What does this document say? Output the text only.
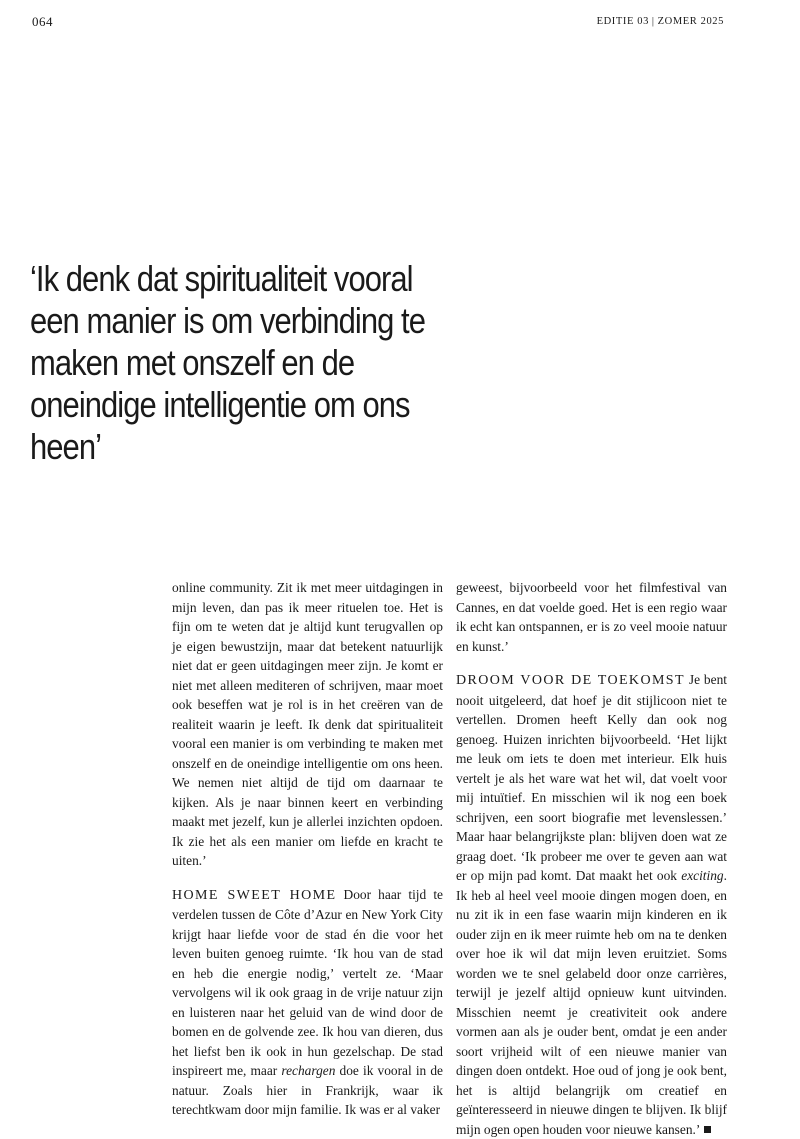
064	EDITIE 03 | ZOMER 2025
‘Ik denk dat spiritualiteit vooral een manier is om verbinding te maken met onszelf en de oneindige intelligentie om ons heen’

online community. Zit ik met meer uitdagingen in mijn leven, dan pas ik meer rituelen toe. Het is fijn om te weten dat je altijd kunt terugvallen op je eigen bewustzijn, maar dat betekent natuurlijk niet dat er geen uitdagingen meer zijn. Je komt er niet met alleen mediteren of schrijven, maar moet ook beseffen wat je rol is in het creëren van de realiteit waarin je leeft. Ik denk dat spiritualiteit vooral een manier is om verbinding te maken met onszelf en de oneindige intelligentie om ons heen. We nemen niet altijd de tijd om daarnaar te kijken. Als je naar binnen keert en verbinding maakt met jezelf, kun je allerlei inzichten opdoen. Ik zie het als een manier om liefde en kracht te uiten.’

HOME SWEET HOME Door haar tijd te verdelen tussen de Côte d’Azur en New York City krijgt haar liefde voor de stad én die voor het leven buiten genoeg ruimte. ‘Ik hou van de stad en heb die energie nodig,’ vertelt ze. ‘Maar vervolgens wil ik ook graag in de vrije natuur zijn en luisteren naar het geluid van de wind door de bomen en de golvende zee. Ik hou van dieren, dus het liefst ben ik ook in hun gezelschap. De stad inspireert me, maar rechargen doe ik vooral in de natuur. Zoals hier in Frankrijk, waar ik terechtkwam door mijn familie. Ik was er al vaker

geweest, bijvoorbeeld voor het filmfestival van Cannes, en dat voelde goed. Het is een regio waar ik echt kan ontspannen, er is zo veel mooie natuur en kunst.’

DROOM VOOR DE TOEKOMST Je bent nooit uitgeleerd, dat hoef je dit stijlicoon niet te vertellen. Dromen heeft Kelly dan ook nog genoeg. Huizen inrichten bijvoorbeeld. ‘Het lijkt me leuk om iets te doen met interieur. Elk huis vertelt je als het ware wat het wil, dat voelt voor mij intuïtief. En misschien wil ik nog een boek schrijven, een soort biografie met levenslessen.’ Maar haar belangrijkste plan: blijven doen wat ze graag doet. ‘Ik probeer me over te geven aan wat er op mijn pad komt. Dat maakt het ook exciting. Ik heb al heel veel mooie dingen mogen doen, en nu zit ik in een fase waarin mijn kinderen en ik ouder zijn en ik meer ruimte heb om na te denken over hoe ik wil dat mijn leven eruitziet. Soms worden we te snel gelabeld door onze carrières, terwijl je jezelf altijd opnieuw kunt uitvinden. Misschien neemt je creativiteit ook andere vormen aan als je ouder bent, omdat je een ander soort vrijheid wilt of een nieuwe manier van dingen doen ontdekt. Hoe oud of jong je ook bent, het is altijd belangrijk om creatief en geïnteresseerd in nieuwe dingen te blijven. Ik blijf mijn ogen open houden voor nieuwe kansen.’
